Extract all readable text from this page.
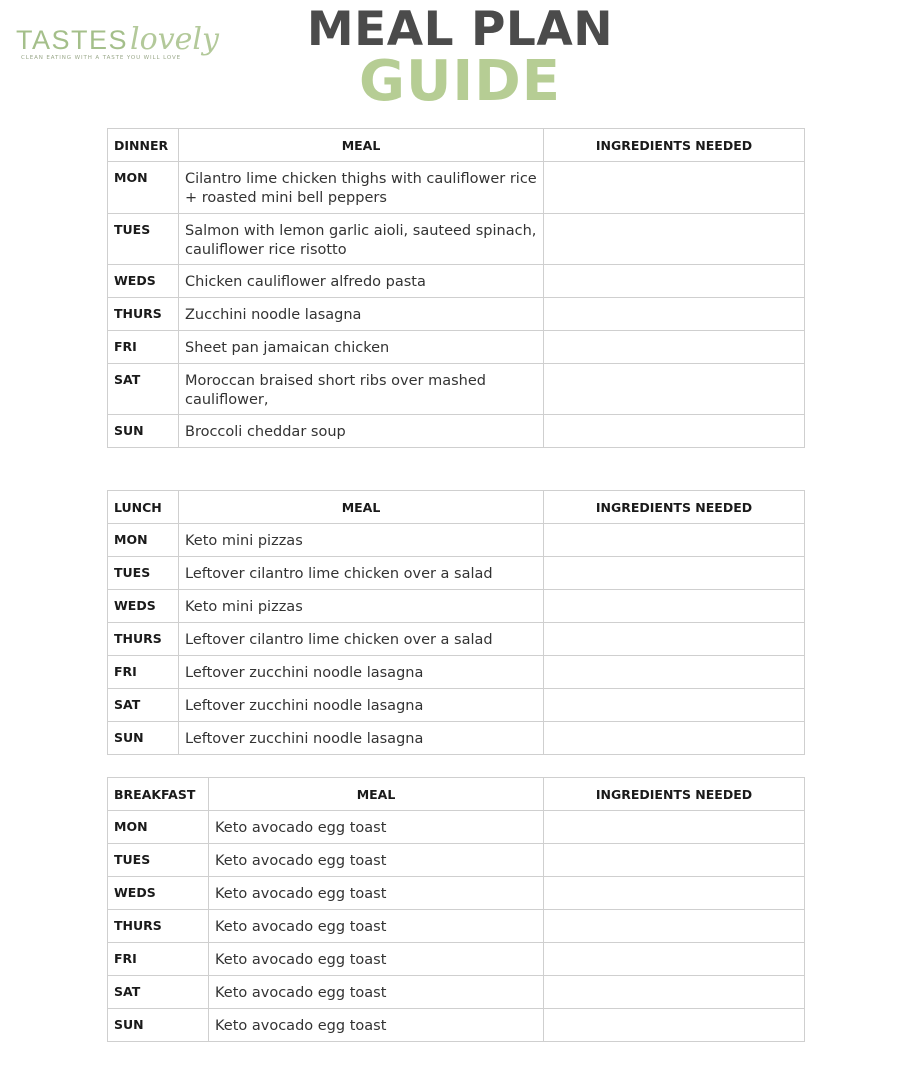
TASTES lovely
CLEAN EATING WITH A TASTE YOU WILL LOVE
MEAL PLAN
GUIDE
DINNER	MEAL	INGREDIENTS NEEDED
MON	Cilantro lime chicken thighs with cauliflower rice + roasted mini bell peppers	
TUES	Salmon with lemon garlic aioli, sauteed spinach, cauliflower rice risotto	
WEDS	Chicken cauliflower alfredo pasta	
THURS	Zucchini noodle lasagna	
FRI	Sheet pan jamaican chicken	
SAT	Moroccan braised short ribs over mashed cauliflower,	
SUN	Broccoli cheddar soup	
LUNCH	MEAL	INGREDIENTS NEEDED
MON	Keto mini pizzas	
TUES	Leftover cilantro lime chicken over a salad	
WEDS	Keto mini pizzas	
THURS	Leftover cilantro lime chicken over a salad	
FRI	Leftover zucchini noodle lasagna	
SAT	Leftover zucchini noodle lasagna	
SUN	Leftover zucchini noodle lasagna	
BREAKFAST	MEAL	INGREDIENTS NEEDED
MON	Keto avocado egg toast	
TUES	Keto avocado egg toast	
WEDS	Keto avocado egg toast	
THURS	Keto avocado egg toast	
FRI	Keto avocado egg toast	
SAT	Keto avocado egg toast	
SUN	Keto avocado egg toast	
